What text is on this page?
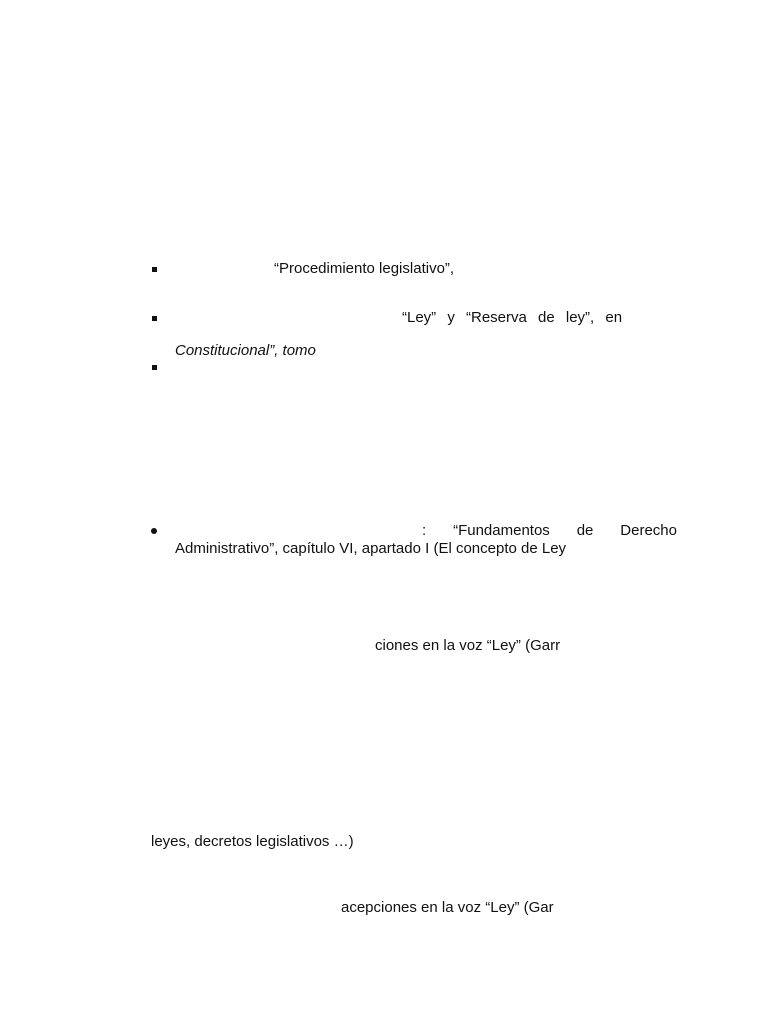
“Procedimiento legislativo”,
“Ley” y “Reserva de ley”, en
Constitucional”, tomo
: “Fundamentos de Derecho
Administrativo”, capítulo VI, apartado I (El concepto de Ley
ciones en la voz “Ley” (Garr
leyes, decretos legislativos …)
acepciones en la voz “Ley” (Gar
